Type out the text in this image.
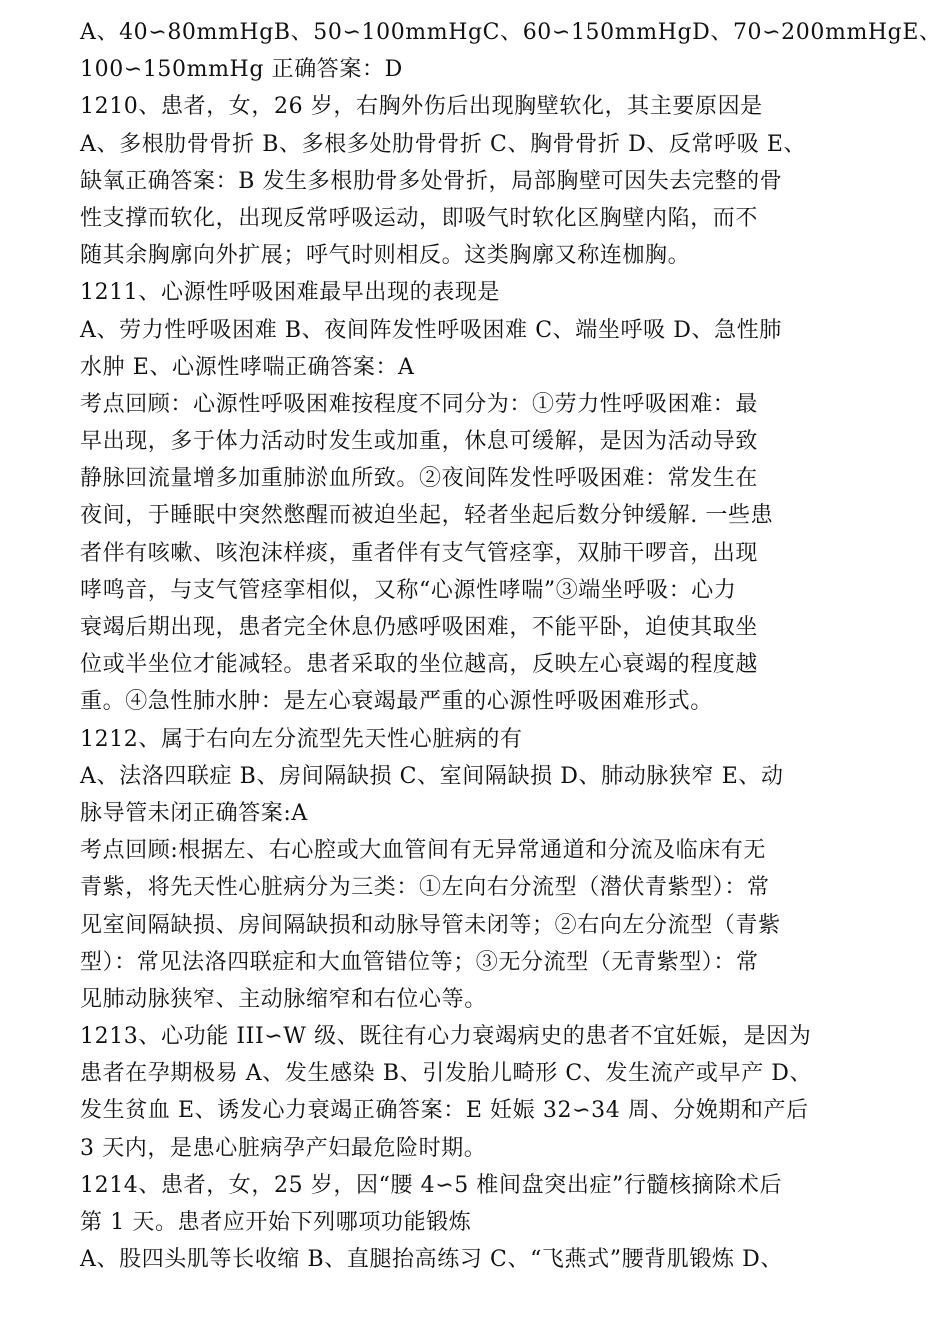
A、40∽80mmHgB、50∽100mmHgC、60∽150mmHgD、70∽200mmHgE、
100∽150mmHg 正确答案：D
1210、患者，女，26 岁，右胸外伤后出现胸壁软化，其主要原因是
A、多根肋骨骨折 B、多根多处肋骨骨折 C、胸骨骨折 D、反常呼吸 E、
缺氧正确答案：B 发生多根肋骨多处骨折，局部胸壁可因失去完整的骨
性支撑而软化，出现反常呼吸运动，即吸气时软化区胸壁内陷，而不
随其余胸廓向外扩展；呼气时则相反。这类胸廓又称连枷胸。
1211、心源性呼吸困难最早出现的表现是
A、劳力性呼吸困难 B、夜间阵发性呼吸困难 C、端坐呼吸 D、急性肺
水肿 E、心源性哮喘正确答案：A
考点回顾：心源性呼吸困难按程度不同分为：①劳力性呼吸困难：最
早出现，多于体力活动时发生或加重，休息可缓解，是因为活动导致
静脉回流量增多加重肺淤血所致。②夜间阵发性呼吸困难：常发生在
夜间，于睡眠中突然憋醒而被迫坐起，轻者坐起后数分钟缓解. 一些患
者伴有咳嗽、咳泡沫样痰，重者伴有支气管痉挛，双肺干啰音，出现
哮鸣音，与支气管痉挛相似，又称“心源性哮喘”③端坐呼吸：心力
衰竭后期出现，患者完全休息仍感呼吸困难，不能平卧，迫使其取坐
位或半坐位才能减轻。患者采取的坐位越高，反映左心衰竭的程度越
重。④急性肺水肿：是左心衰竭最严重的心源性呼吸困难形式。
1212、属于右向左分流型先天性心脏病的有
A、法洛四联症 B、房间隔缺损 C、室间隔缺损 D、肺动脉狭窄 E、动
脉导管未闭正确答案:A
考点回顾:根据左、右心腔或大血管间有无异常通道和分流及临床有无
青紫，将先天性心脏病分为三类：①左向右分流型（潜伏青紫型）：常
见室间隔缺损、房间隔缺损和动脉导管未闭等；②右向左分流型（青紫
型）：常见法洛四联症和大血管错位等；③无分流型（无青紫型）：常
见肺动脉狭窄、主动脉缩窄和右位心等。
1213、心功能 III∽W 级、既往有心力衰竭病史的患者不宜妊娠，是因为
患者在孕期极易 A、发生感染 B、引发胎儿畸形 C、发生流产或早产 D、
发生贫血 E、诱发心力衰竭正确答案：E 妊娠 32∽34 周、分娩期和产后
3 天内，是患心脏病孕产妇最危险时期。
1214、患者，女，25 岁，因“腰 4∽5 椎间盘突出症”行髓核摘除术后
第 1 天。患者应开始下列哪项功能锻炼
A、股四头肌等长收缩 B、直腿抬高练习 C、“飞燕式”腰背肌锻炼 D、
